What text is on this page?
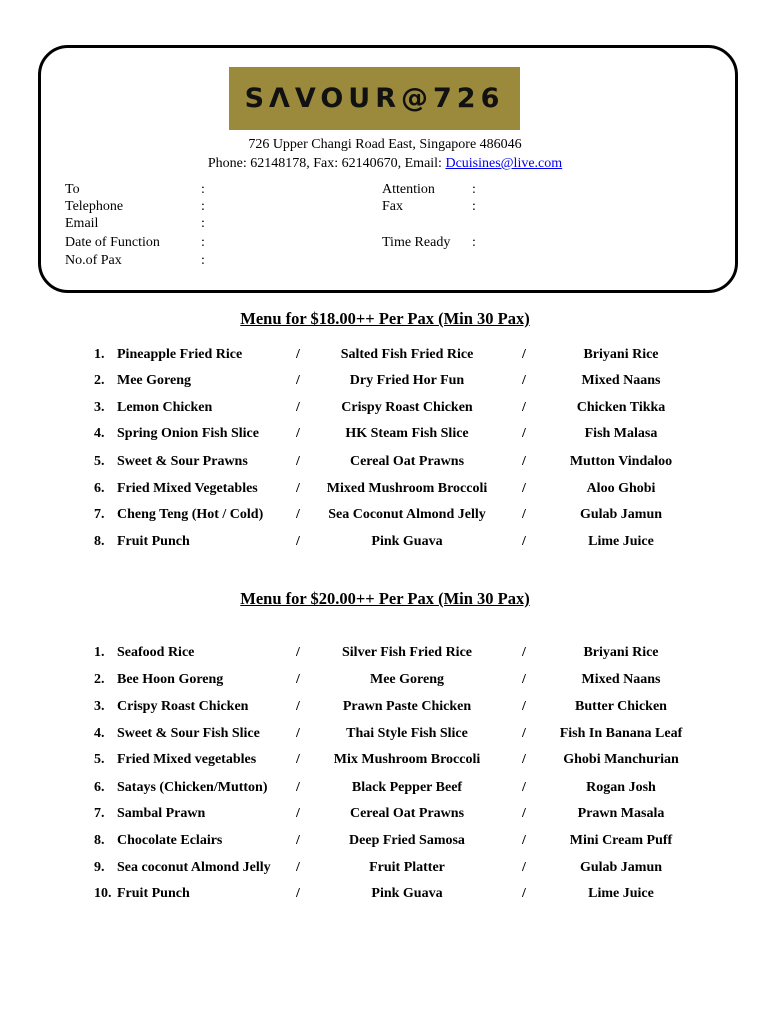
SΛVOUR@726
726 Upper Changi Road East, Singapore 486046
Phone: 62148178, Fax: 62140670, Email: Dcuisines@live.com
To	:
Telephone	:
Email	:
Date of Function	:
No.of Pax	:
Attention	:
Fax	:
Time Ready :
Menu for $18.00++ Per Pax (Min 30 Pax)
1. Pineapple Fried Rice	/	Salted Fish Fried Rice	/	Briyani Rice
2. Mee Goreng	/	Dry Fried Hor Fun	/	Mixed Naans
3. Lemon Chicken	/	Crispy Roast Chicken	/	Chicken Tikka
4. Spring Onion Fish Slice	/	HK Steam Fish Slice	/	Fish Malasa
5. Sweet & Sour Prawns	/	Cereal Oat Prawns	/	Mutton Vindaloo
6. Fried Mixed Vegetables	/	Mixed Mushroom Broccoli	/	Aloo Ghobi
7. Cheng Teng (Hot / Cold) /	Sea Coconut Almond Jelly	/	Gulab Jamun
8. Fruit Punch	/	Pink Guava	/	Lime Juice
Menu for $20.00++ Per Pax (Min 30 Pax)
1. Seafood Rice	/	Silver Fish Fried Rice	/	Briyani Rice
2. Bee Hoon Goreng	/	Mee Goreng	/	Mixed Naans
3. Crispy Roast Chicken	/	Prawn Paste Chicken	/	Butter Chicken
4. Sweet & Sour Fish Slice	/	Thai Style Fish Slice	/ Fish In Banana Leaf
5. Fried Mixed vegetables	/	Mix Mushroom Broccoli	/	Ghobi Manchurian
6. Satays (Chicken/Mutton) /	Black Pepper Beef	/	Rogan Josh
7. Sambal Prawn	/	Cereal Oat Prawns	/	Prawn Masala
8. Chocolate Eclairs	/	Deep Fried Samosa	/	Mini Cream Puff
9. Sea coconut Almond Jelly /	Fruit Platter	/	Gulab Jamun
10. Fruit Punch	/	Pink Guava	/	Lime Juice
